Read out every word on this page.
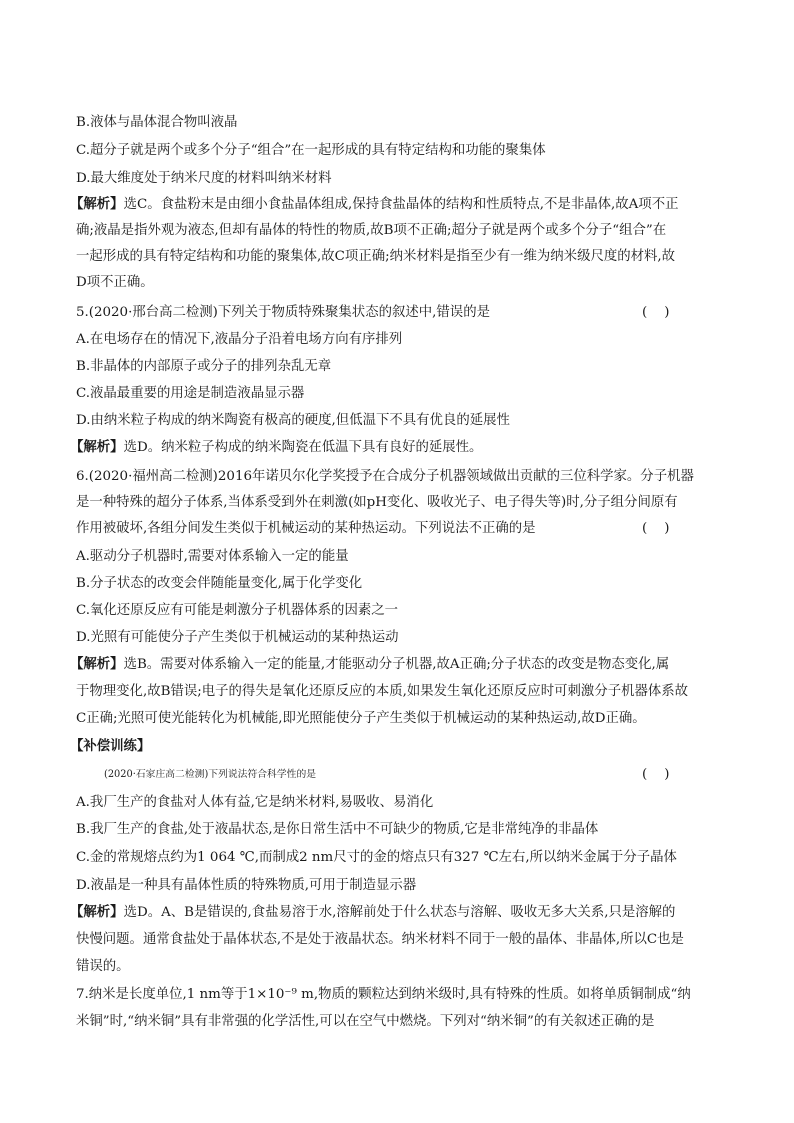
B.液体与晶体混合物叫液晶
C.超分子就是两个或多个分子“组合”在一起形成的具有特定结构和功能的聚集体
D.最大维度处于纳米尺度的材料叫纳米材料
【解析】选C。食盐粉末是由细小食盐晶体组成,保持食盐晶体的结构和性质特点,不是非晶体,故A项不正
确;液晶是指外观为液态,但却有晶体的特性的物质,故B项不正确;超分子就是两个或多个分子“组合”在
一起形成的具有特定结构和功能的聚集体,故C项正确;纳米材料是指至少有一维为纳米级尺度的材料,故
D项不正确。
5.(2020·邢台高二检测)下列关于物质特殊聚集状态的叙述中,错误的是	(    )
A.在电场存在的情况下,液晶分子沿着电场方向有序排列
B.非晶体的内部原子或分子的排列杂乱无章
C.液晶最重要的用途是制造液晶显示器
D.由纳米粒子构成的纳米陶瓷有极高的硬度,但低温下不具有优良的延展性
【解析】选D。纳米粒子构成的纳米陶瓷在低温下具有良好的延展性。
6.(2020·福州高二检测)2016年诺贝尔化学奖授予在合成分子机器领域做出贡献的三位科学家。分子机器
是一种特殊的超分子体系,当体系受到外在刺激(如pH变化、吸收光子、电子得失等)时,分子组分间原有
作用被破坏,各组分间发生类似于机械运动的某种热运动。下列说法不正确的是	(    )
A.驱动分子机器时,需要对体系输入一定的能量
B.分子状态的改变会伴随能量变化,属于化学变化
C.氧化还原反应有可能是刺激分子机器体系的因素之一
D.光照有可能使分子产生类似于机械运动的某种热运动
【解析】选B。需要对体系输入一定的能量,才能驱动分子机器,故A正确;分子状态的改变是物态变化,属
于物理变化,故B错误;电子的得失是氧化还原反应的本质,如果发生氧化还原反应时可刺激分子机器体系故
C正确;光照可使光能转化为机械能,即光照能使分子产生类似于机械运动的某种热运动,故D正确。
【补偿训练】
(2020·石家庄高二检测)下列说法符合科学性的是	(    )
A.我厂生产的食盐对人体有益,它是纳米材料,易吸收、易消化
B.我厂生产的食盐,处于液晶状态,是你日常生活中不可缺少的物质,它是非常纯净的非晶体
C.金的常规熔点约为1 064 ℃,而制成2 nm尺寸的金的熔点只有327 ℃左右,所以纳米金属于分子晶体
D.液晶是一种具有晶体性质的特殊物质,可用于制造显示器
【解析】选D。A、B是错误的,食盐易溶于水,溶解前处于什么状态与溶解、吸收无多大关系,只是溶解的
快慢问题。通常食盐处于晶体状态,不是处于液晶状态。纳米材料不同于一般的晶体、非晶体,所以C也是
错误的。
7.纳米是长度单位,1 nm等于1×10⁻⁹ m,物质的颗粒达到纳米级时,具有特殊的性质。如将单质铜制成“纳
米铜”时,“纳米铜”具有非常强的化学活性,可以在空气中燃烧。下列对“纳米铜”的有关叙述正确的是
